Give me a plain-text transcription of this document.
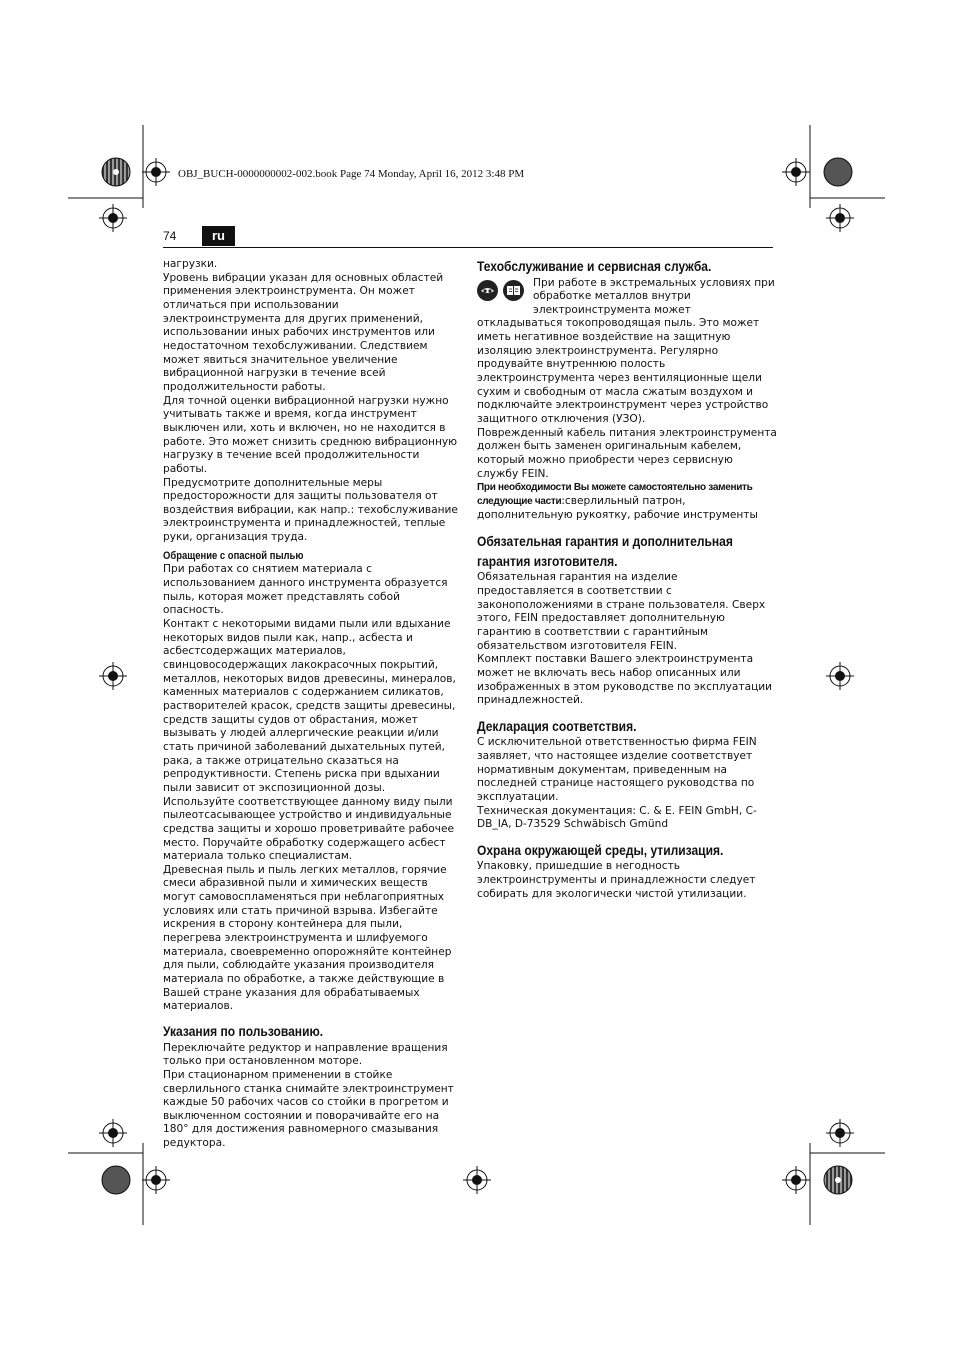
OBJ_BUCH-0000000002-002.book Page 74 Monday, April 16, 2012 3:48 PM
74	ru

нагрузки.

Уровень вибрации указан для основных областей применения электроинструмента. Он может отличаться при использовании электроинструмента для других применений, использовании иных рабочих инструментов или недостаточном техобслуживании. Следствием может явиться значительное увеличение вибрационной нагрузки в течение всей продолжительности работы.

Для точной оценки вибрационной нагрузки нужно учитывать также и время, когда инструмент выключен или, хоть и включен, но не находится в работе. Это может снизить среднюю вибрационную нагрузку в течение всей продолжительности работы.

Предусмотрите дополнительные меры предосторожности для защиты пользователя от воздействия вибрации, как напр.: техобслуживание электроинструмента и принадлежностей, теплые руки, организация труда.

Обращение с опасной пылью

При работах со снятием материала с использованием данного инструмента образуется пыль, которая может представлять собой опасность.

Контакт с некоторыми видами пыли или вдыхание некоторых видов пыли как, напр., асбеста и асбестсодержащих материалов, свинцовосодержащих лакокрасочных покрытий, металлов, некоторых видов древесины, минералов, каменных материалов с содержанием силикатов, растворителей красок, средств защиты древесины, средств защиты судов от обрастания, может вызывать у людей аллергические реакции и/или стать причиной заболеваний дыхательных путей, рака, а также отрицательно сказаться на репродуктивности. Степень риска при вдыхании пыли зависит от экспозиционной дозы. Используйте соответствующее данному виду пыли пылеотсасывающее устройство и индивидуальные средства защиты и хорошо проветривайте рабочее место. Поручайте обработку содержащего асбест материала только специалистам.

Древесная пыль и пыль легких металлов, горячие смеси абразивной пыли и химических веществ могут самовоспламеняться при неблагоприятных условиях или стать причиной взрыва. Избегайте искрения в сторону контейнера для пыли, перегрева электроинструмента и шлифуемого материала, своевременно опорожняйте контейнер для пыли, соблюдайте указания производителя материала по обработке, а также действующие в Вашей стране указания для обрабатываемых материалов.

Указания по пользованию.

Переключайте редуктор и направление вращения только при остановленном моторе.

При стационарном применении в стойке сверлильного станка снимайте электроинструмент каждые 50 рабочих часов со стойки в прогретом и выключенном состоянии и поворачивайте его на 180° для достижения равномерного смазывания редуктора.

Техобслуживание и сервисная служба.

При работе в экстремальных условиях при обработке металлов внутри электроинструмента может откладываться токопроводящая пыль. Это может иметь негативное воздействие на защитную изоляцию электроинструмента. Регулярно продувайте внутреннюю полость электроинструмента через вентиляционные щели сухим и свободным от масла сжатым воздухом и подключайте электроинструмент через устройство защитного отключения (УЗО).

Поврежденный кабель питания электроинструмента должен быть заменен оригинальным кабелем, который можно приобрести через сервисную службу FEIN.

При необходимости Вы можете самостоятельно заменить следующие части:сверлильный патрон, дополнительную рукоятку, рабочие инструменты

Обязательная гарантия и дополнительная гарантия изготовителя.

Обязательная гарантия на изделие предоставляется в соответствии с законоположениями в стране пользователя. Сверх этого, FEIN предоставляет дополнительную гарантию в соответствии с гарантийным обязательством изготовителя FEIN.

Комплект поставки Вашего электроинструмента может не включать весь набор описанных или изображенных в этом руководстве по эксплуатации принадлежностей.

Декларация соответствия.

С исключительной ответственностью фирма FEIN заявляет, что настоящее изделие соответствует нормативным документам, приведенным на последней странице настоящего руководства по эксплуатации.

Техническая документация: C. & E. FEIN GmbH, C-DB_IA, D-73529 Schwäbisch Gmünd

Охрана окружающей среды, утилизация.

Упаковку, пришедшие в негодность электроинструменты и принадлежности следует собирать для экологически чистой утилизации.
